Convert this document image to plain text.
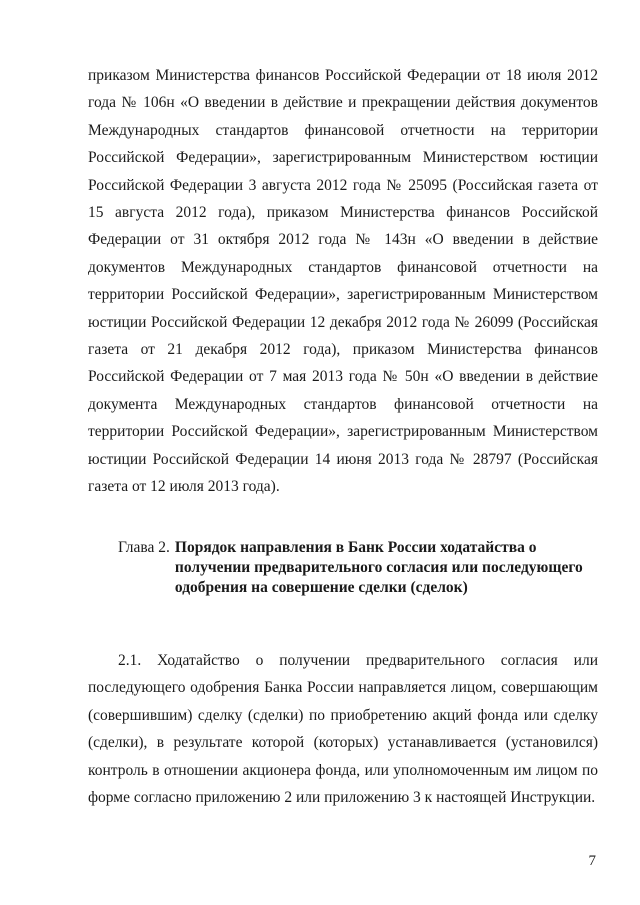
приказом Министерства финансов Российской Федерации от 18 июля 2012 года № 106н «О введении в действие и прекращении действия документов Международных стандартов финансовой отчетности на территории Российской Федерации», зарегистрированным Министерством юстиции Российской Федерации 3 августа 2012 года № 25095 (Российская газета от 15 августа 2012 года), приказом Министерства финансов Российской Федерации от 31 октября 2012 года № 143н «О введении в действие документов Международных стандартов финансовой отчетности на территории Российской Федерации», зарегистрированным Министерством юстиции Российской Федерации 12 декабря 2012 года № 26099 (Российская газета от 21 декабря 2012 года), приказом Министерства финансов Российской Федерации от 7 мая 2013 года № 50н «О введении в действие документа Международных стандартов финансовой отчетности на территории Российской Федерации», зарегистрированным Министерством юстиции Российской Федерации 14 июня 2013 года № 28797 (Российская газета от 12 июля 2013 года).

Глава 2. Порядок направления в Банк России ходатайства о
получении предварительного согласия или последующего
одобрения на совершение сделки (сделок)

2.1. Ходатайство о получении предварительного согласия или последующего одобрения Банка России направляется лицом, совершающим (совершившим) сделку (сделки) по приобретению акций фонда или сделку (сделки), в результате которой (которых) устанавливается (установился) контроль в отношении акционера фонда, или уполномоченным им лицом по форме согласно приложению 2 или приложению 3 к настоящей Инструкции.

7
